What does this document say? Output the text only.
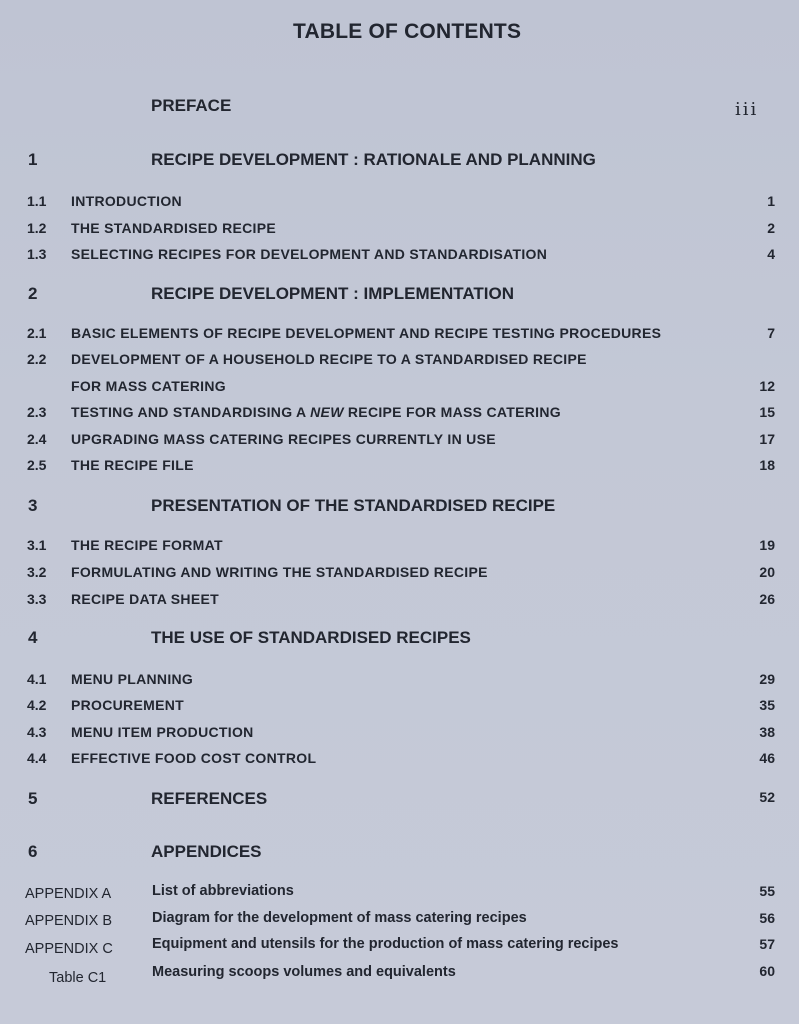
TABLE OF CONTENTS
PREFACE	iii
1	RECIPE DEVELOPMENT : RATIONALE AND PLANNING
1.1 INTRODUCTION	1
1.2 THE STANDARDISED RECIPE	2
1.3 SELECTING RECIPES FOR DEVELOPMENT AND STANDARDISATION	4
2	RECIPE DEVELOPMENT : IMPLEMENTATION
2.1 BASIC ELEMENTS OF RECIPE DEVELOPMENT AND RECIPE TESTING PROCEDURES	7
2.2 DEVELOPMENT OF A HOUSEHOLD RECIPE TO A STANDARDISED RECIPE
FOR MASS CATERING	12
2.3 TESTING AND STANDARDISING A NEW RECIPE FOR MASS CATERING	15
2.4 UPGRADING MASS CATERING RECIPES CURRENTLY IN USE	17
2.5 THE RECIPE FILE	18
3	PRESENTATION OF THE STANDARDISED RECIPE
3.1 THE RECIPE FORMAT	19
3.2 FORMULATING AND WRITING THE STANDARDISED RECIPE	20
3.3 RECIPE DATA SHEET	26
4	THE USE OF STANDARDISED RECIPES
4.1 MENU PLANNING	29
4.2 PROCUREMENT	35
4.3 MENU ITEM PRODUCTION	38
4.4 EFFECTIVE FOOD COST CONTROL	46
5	REFERENCES	52
6	APPENDICES
APPENDIX A	List of abbreviations	55
APPENDIX B	Diagram for the development of mass catering recipes	56
APPENDIX C	Equipment and utensils for the production of mass catering recipes	57
Table C1	Measuring scoops volumes and equivalents	60
